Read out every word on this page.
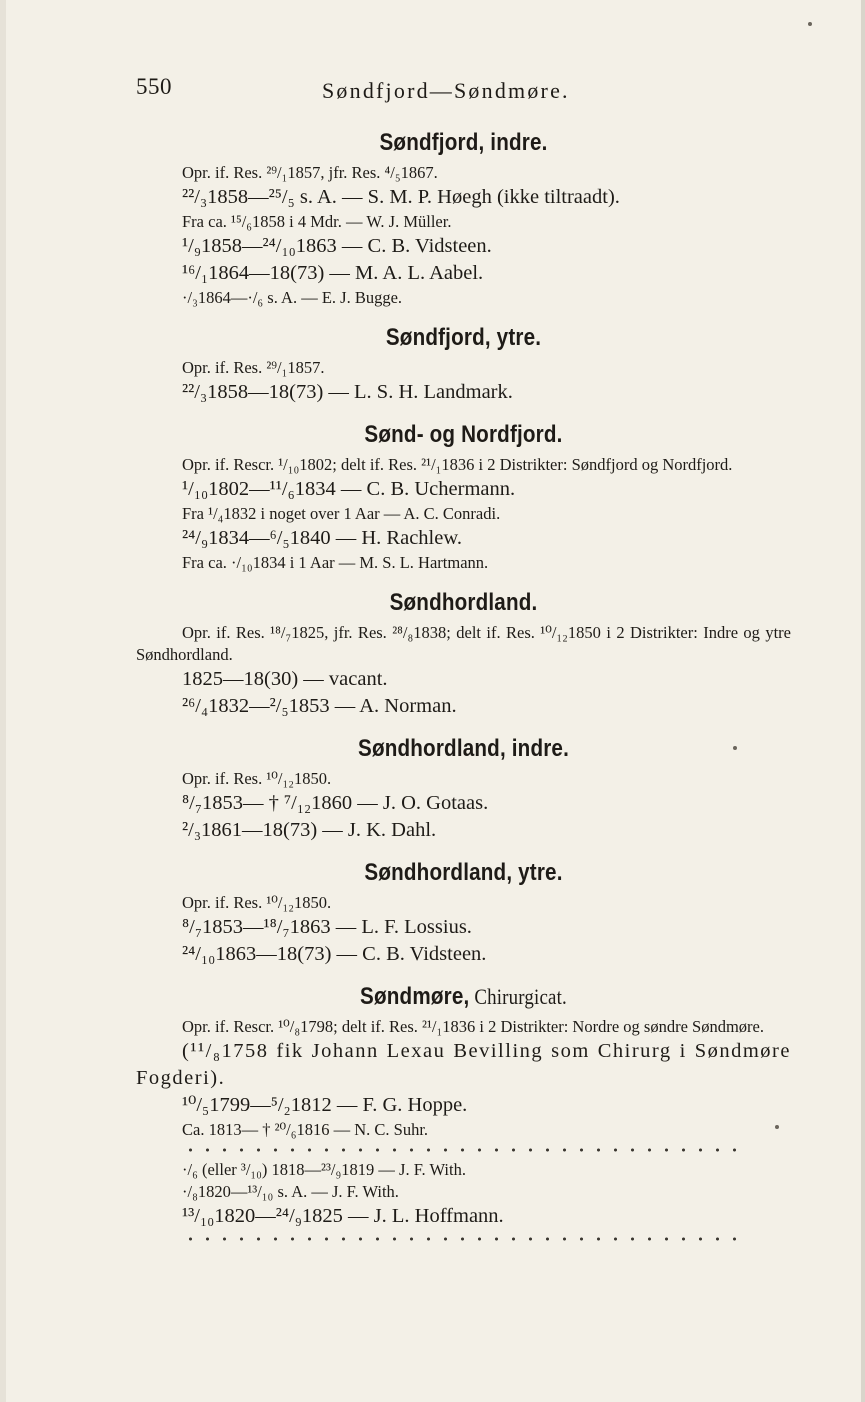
550	Søndfjord—Søndmøre.
Søndfjord, indre.
Opr. if. Res. ²⁹/₁1857, jfr. Res. ⁴/₅1867.
²²/₃1858—²⁵/₅ s. A. — S. M. P. Høegh (ikke tiltraadt).
Fra ca. ¹⁵/₆1858 i 4 Mdr. — W. J. Müller.
¹/₉1858—²⁴/₁₀1863 — C. B. Vidsteen.
¹⁶/₁1864—18(73) — M. A. L. Aabel.
·/₃1864—·/₆ s. A. — E. J. Bugge.
Søndfjord, ytre.
Opr. if. Res. ²⁹/₁1857.
²²/₃1858—18(73) — L. S. H. Landmark.
Sønd- og Nordfjord.
Opr. if. Rescr. ¹/₁₀1802; delt if. Res. ²¹/₁1836 i 2 Distrikter: Søndfjord og Nordfjord.
¹/₁₀1802—¹¹/₆1834 — C. B. Uchermann.
Fra ¹/₄1832 i noget over 1 Aar — A. C. Conradi.
²⁴/₉1834—⁶/₅1840 — H. Rachlew.
Fra ca. ·/₁₀1834 i 1 Aar — M. S. L. Hartmann.
Søndhordland.
Opr. if. Res. ¹⁸/₇1825, jfr. Res. ²⁸/₈1838; delt if. Res. ¹⁰/₁₂1850 i 2 Distrikter: Indre og ytre Søndhordland.
1825—18(30) — vacant.
²⁶/₄1832—²/₅1853 — A. Norman.
Søndhordland, indre.
Opr. if. Res. ¹⁰/₁₂1850.
⁸/₇1853— † ⁷/₁₂1860 — J. O. Gotaas.
²/₃1861—18(73) — J. K. Dahl.
Søndhordland, ytre.
Opr. if. Res. ¹⁰/₁₂1850.
⁸/₇1853—¹⁸/₇1863 — L. F. Lossius.
²⁴/₁₀1863—18(73) — C. B. Vidsteen.
Søndmøre, Chirurgicat.
Opr. if. Rescr. ¹⁰/₈1798; delt if. Res. ²¹/₁1836 i 2 Distrikter: Nordre og søndre Søndmøre.
(¹¹/₈1758 fik Johann Lexau Bevilling som Chirurg i Søndmøre Fogderi).
¹⁰/₅1799—⁵/₂1812 — F. G. Hoppe.
Ca. 1813— † ²⁰/₆1816 — N. C. Suhr.
·/₆ (eller ³/₁₀) 1818—²³/₉1819 — J. F. With.
·/₈1820—¹³/₁₀ s. A. — J. F. With.
¹³/₁₀1820—²⁴/₉1825 — J. L. Hoffmann.
